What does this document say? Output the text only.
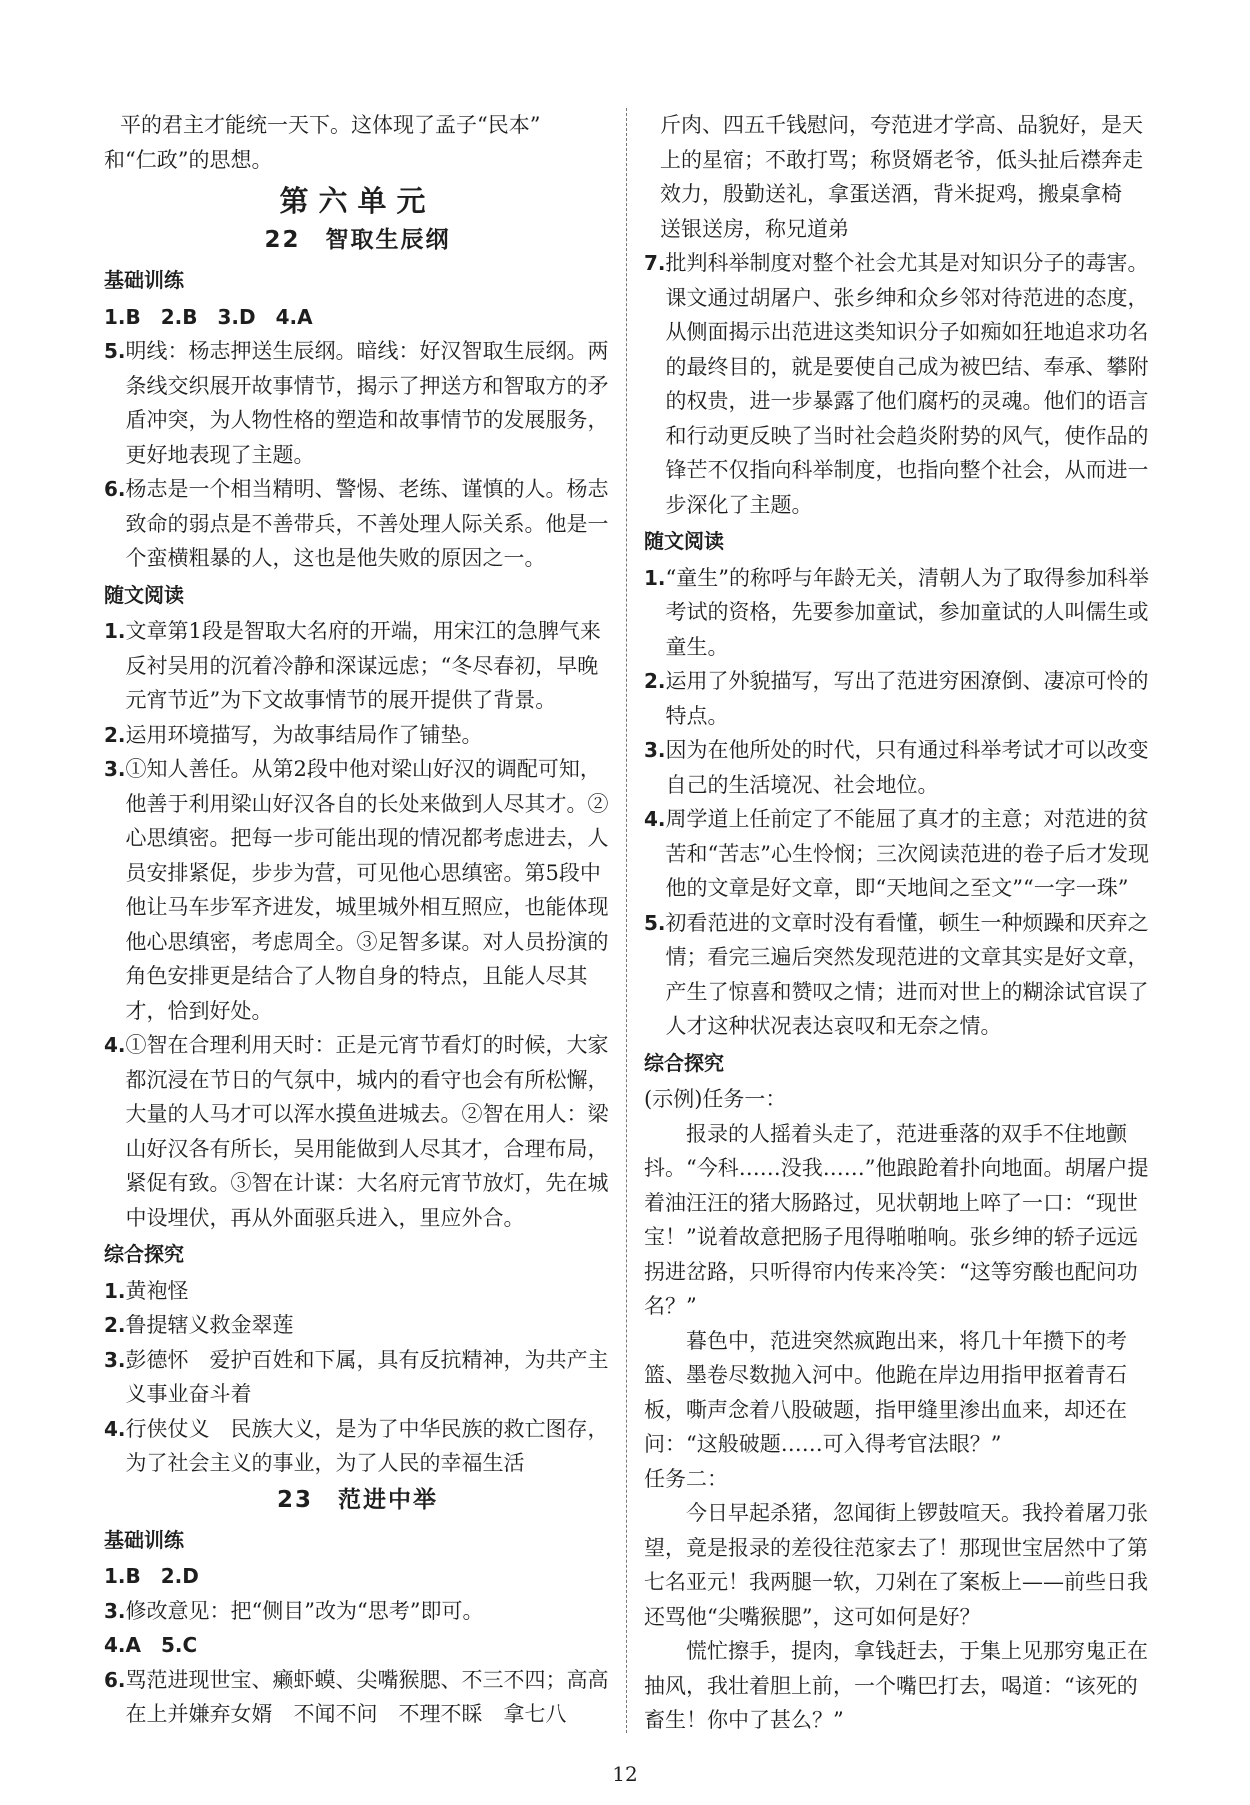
平的君主才能统一天下。这体现了孟子“民本”

和“仁政”的思想。

第六单元
22　智取生辰纲
基础训练

1.B　2.B　3.D　4.A

5. 明线：杨志押送生辰纲。暗线：好汉智取生辰纲。两条线交织展开故事情节，揭示了押送方和智取方的矛盾冲突，为人物性格的塑造和故事情节的发展服务，更好地表现了主题。
6. 杨志是一个相当精明、警惕、老练、谨慎的人。杨志致命的弱点是不善带兵，不善处理人际关系。他是一个蛮横粗暴的人，这也是他失败的原因之一。
随文阅读
1. 文章第1段是智取大名府的开端，用宋江的急脾气来反衬吴用的沉着冷静和深谋远虑；“冬尽春初，早晚元宵节近”为下文故事情节的展开提供了背景。
2. 运用环境描写，为故事结局作了铺垫。
3. ①知人善任。从第2段中他对梁山好汉的调配可知，他善于利用梁山好汉各自的长处来做到人尽其才。②心思缜密。把每一步可能出现的情况都考虑进去，人员安排紧促，步步为营，可见他心思缜密。第5段中他让马车步军齐进发，城里城外相互照应，也能体现他心思缜密，考虑周全。③足智多谋。对人员扮演的角色安排更是结合了人物自身的特点，且能人尽其才，恰到好处。
4. ①智在合理利用天时：正是元宵节看灯的时候，大家都沉浸在节日的气氛中，城内的看守也会有所松懈，大量的人马才可以浑水摸鱼进城去。②智在用人：梁山好汉各有所长，吴用能做到人尽其才，合理布局，紧促有致。③智在计谋：大名府元宵节放灯，先在城中设埋伏，再从外面驱兵进入，里应外合。
综合探究
1. 黄袍怪
2. 鲁提辖义救金翠莲
3. 彭德怀　爱护百姓和下属，具有反抗精神，为共产主义事业奋斗着
4. 行侠仗义　民族大义，是为了中华民族的救亡图存，为了社会主义的事业，为了人民的幸福生活
23　范进中举
基础训练

1.B　2.D

3. 修改意见：把“侧目”改为“思考”即可。

4.A　5.C

6. 骂范进现世宝、癞虾蟆、尖嘴猴腮、不三不四；高高在上并嫌弃女婿　不闻不问　不理不睬　拿七八

斤肉、四五千钱慰问，夸范进才学高、品貌好，是天上的星宿；不敢打骂；称贤婿老爷，低头扯后襟奔走效力，殷勤送礼，拿蛋送酒，背米捉鸡，搬桌拿椅　送银送房，称兄道弟

7. 批判科举制度对整个社会尤其是对知识分子的毒害。课文通过胡屠户、张乡绅和众乡邻对待范进的态度，从侧面揭示出范进这类知识分子如痴如狂地追求功名的最终目的，就是要使自己成为被巴结、奉承、攀附的权贵，进一步暴露了他们腐朽的灵魂。他们的语言和行动更反映了当时社会趋炎附势的风气，使作品的锋芒不仅指向科举制度，也指向整个社会，从而进一步深化了主题。
随文阅读
1. “童生”的称呼与年龄无关，清朝人为了取得参加科举考试的资格，先要参加童试，参加童试的人叫儒生或童生。
2. 运用了外貌描写，写出了范进穷困潦倒、凄凉可怜的特点。
3. 因为在他所处的时代，只有通过科举考试才可以改变自己的生活境况、社会地位。
4. 周学道上任前定了不能屈了真才的主意；对范进的贫苦和“苦志”心生怜悯；三次阅读范进的卷子后才发现他的文章是好文章，即“天地间之至文”“一字一珠”
5. 初看范进的文章时没有看懂，顿生一种烦躁和厌弃之情；看完三遍后突然发现范进的文章其实是好文章，产生了惊喜和赞叹之情；进而对世上的糊涂试官误了人才这种状况表达哀叹和无奈之情。
综合探究

(示例)任务一：

报录的人摇着头走了，范进垂落的双手不住地颤抖。“今科……没我……”他踉跄着扑向地面。胡屠户提着油汪汪的猪大肠路过，见状朝地上啐了一口：“现世宝！”说着故意把肠子甩得啪啪响。张乡绅的轿子远远拐进岔路，只听得帘内传来冷笑：“这等穷酸也配问功名？”

暮色中，范进突然疯跑出来，将几十年攒下的考篮、墨卷尽数抛入河中。他跪在岸边用指甲抠着青石板，嘶声念着八股破题，指甲缝里渗出血来，却还在问：“这般破题……可入得考官法眼？”

任务二：

今日早起杀猪，忽闻街上锣鼓喧天。我拎着屠刀张望，竟是报录的差役往范家去了！那现世宝居然中了第七名亚元！我两腿一软，刀剁在了案板上——前些日我还骂他“尖嘴猴腮”，这可如何是好？

慌忙擦手，提肉，拿钱赶去，于集上见那穷鬼正在抽风，我壮着胆上前，一个嘴巴打去，喝道：“该死的畜生！你中了甚么？”

12
